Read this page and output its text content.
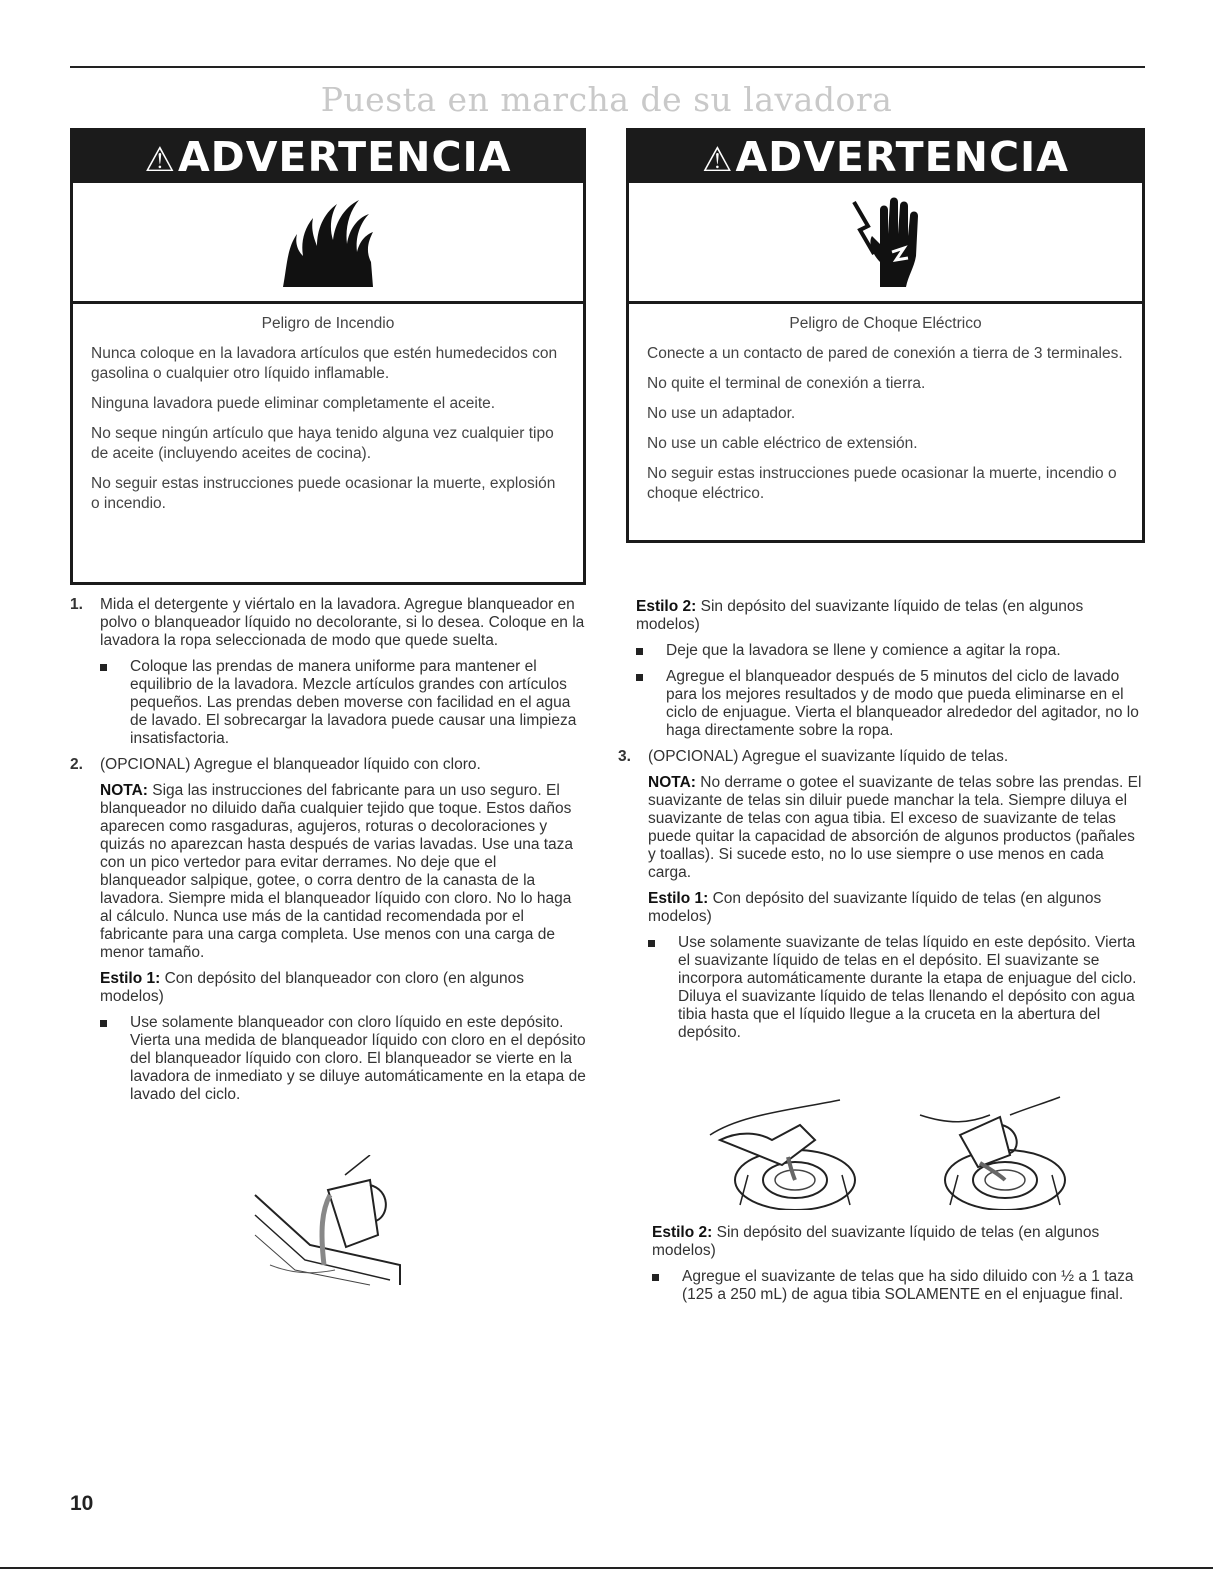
Puesta en marcha de su lavadora
⚠ADVERTENCIA

Peligro de Incendio

Nunca coloque en la lavadora artículos que estén humedecidos con gasolina o cualquier otro líquido inflamable.

Ninguna lavadora puede eliminar completamente el aceite.

No seque ningún artículo que haya tenido alguna vez cualquier tipo de aceite (incluyendo aceites de cocina).

No seguir estas instrucciones puede ocasionar la muerte, explosión o incendio.

⚠ADVERTENCIA

Peligro de Choque Eléctrico

Conecte a un contacto de pared de conexión a tierra de 3 terminales.

No quite el terminal de conexión a tierra.

No use un adaptador.

No use un cable eléctrico de extensión.

No seguir estas instrucciones puede ocasionar la muerte, incendio o choque eléctrico.

1. Mida el detergente y viértalo en la lavadora. Agregue blanqueador en polvo o blanqueador líquido no decolorante, si lo desea. Coloque en la lavadora la ropa seleccionada de modo que quede suelta.
Coloque las prendas de manera uniforme para mantener el equilibrio de la lavadora. Mezcle artículos grandes con artículos pequeños. Las prendas deben moverse con facilidad en el agua de lavado. El sobrecargar la lavadora puede causar una limpieza insatisfactoria.
2. (OPCIONAL) Agregue el blanqueador líquido con cloro.
NOTA: Siga las instrucciones del fabricante para un uso seguro. El blanqueador no diluido daña cualquier tejido que toque. Estos daños aparecen como rasgaduras, agujeros, roturas o decoloraciones y quizás no aparezcan hasta después de varias lavadas. Use una taza con un pico vertedor para evitar derrames. No deje que el blanqueador salpique, gotee, o corra dentro de la canasta de la lavadora. Siempre mida el blanqueador líquido con cloro. No lo haga al cálculo. Nunca use más de la cantidad recomendada por el fabricante para una carga completa. Use menos con una carga de menor tamaño.
Estilo 1: Con depósito del blanqueador con cloro (en algunos modelos)
Use solamente blanqueador con cloro líquido en este depósito. Vierta una medida de blanqueador líquido con cloro en el depósito del blanqueador líquido con cloro. El blanqueador se vierte en la lavadora de inmediato y se diluye automáticamente en la etapa de lavado del ciclo.
Estilo 2: Sin depósito del suavizante líquido de telas (en algunos modelos)
Deje que la lavadora se llene y comience a agitar la ropa.
Agregue el blanqueador después de 5 minutos del ciclo de lavado para los mejores resultados y de modo que pueda eliminarse en el ciclo de enjuague. Vierta el blanqueador alrededor del agitador, no lo haga directamente sobre la ropa.
3. (OPCIONAL) Agregue el suavizante líquido de telas.
NOTA: No derrame o gotee el suavizante de telas sobre las prendas. El suavizante de telas sin diluir puede manchar la tela. Siempre diluya el suavizante de telas con agua tibia. El exceso de suavizante de telas puede quitar la capacidad de absorción de algunos productos (pañales y toallas). Si sucede esto, no lo use siempre o use menos en cada carga.
Estilo 1: Con depósito del suavizante líquido de telas (en algunos modelos)
Use solamente suavizante de telas líquido en este depósito. Vierta el suavizante líquido de telas en el depósito. El suavizante se incorpora automáticamente durante la etapa de enjuague del ciclo. Diluya el suavizante líquido de telas llenando el depósito con agua tibia hasta que el líquido llegue a la cruceta en la abertura del depósito.
Estilo 2: Sin depósito del suavizante líquido de telas (en algunos modelos)
Agregue el suavizante de telas que ha sido diluido con ½ a 1 taza (125 a 250 mL) de agua tibia SOLAMENTE en el enjuague final.
10
